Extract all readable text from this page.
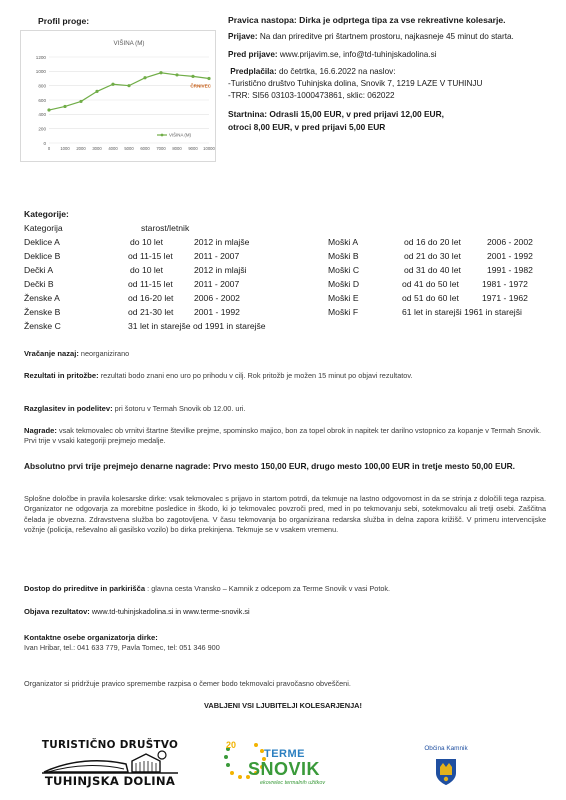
Profil proge:
VIŠINA (M)
0
200
400
600
800
1000
1200
0 1000 2000 3000 4000 5000 6000 7000 8000 9000 10000
ČRNIVEC
VIŠINA (M)
Pravica nastopa: Dirka je odprtega tipa za vse rekreativne kolesarje.
Prijave: Na dan prireditve pri štartnem prostoru, najkasneje 45 minut do starta.
Pred prijave: www.prijavim.se, info@td-tuhinjskadolina.si
Predplačila: do četrtka, 16.6.2022 na naslov:
-Turistično društvo Tuhinjska dolina, Snovik 7, 1219 LAZE V TUHINJU
-TRR: SI56 03103-1000473861, sklic: 062022
Startnina: Odrasli 15,00 EUR, v pred prijavi 12,00 EUR,
otroci 8,00 EUR, v pred prijavi 5,00 EUR
Kategorije:
Kategorija	starost/letnik
Deklice A	do 10 let	2012 in mlajše
Deklice B	od 11-15 let 2011 - 2007
Dečki A	do 10 let	2012 in mlajši
Dečki B	od 11-15 let 2011 - 2007
Ženske A	od 16-20 let 2006 - 2002
Ženske B	od 21-30 let 2001 - 1992
Ženske C	31 let in starejše od 1991 in starejše
Moški A	od 16 do 20 let	2006 - 2002
Moški B	od 21 do 30 let	2001 - 1992
Moški C	od 31 do 40 let	1991 - 1982
Moški D	od 41 do 50 let	1981 - 1972
Moški E	od 51 do 60 let	1971 - 1962
Moški F	61 let in starejši 1961 in starejši
Vračanje nazaj: neorganizirano
Rezultati in pritožbe: rezultati bodo znani eno uro po prihodu v cilj. Rok pritožb je možen 15 minut po objavi rezultatov.
Razglasitev in podelitev: pri šotoru v Termah Snovik ob 12.00. uri.
Nagrade: vsak tekmovalec ob vrnitvi štartne številke prejme, spominsko majico, bon za topel obrok in napitek ter darilno vstopnico za kopanje v Termah Snovik. Prvi trije v vsaki kategoriji prejmejo medalje.
Absolutno prvi trije prejmejo denarne nagrade: Prvo mesto 150,00 EUR, drugo mesto 100,00 EUR in tretje mesto 50,00 EUR.
Splošne določbe in pravila kolesarske dirke: vsak tekmovalec s prijavo in startom potrdi, da tekmuje na lastno odgovornost in da se strinja z določili tega razpisa. Organizator ne odgovarja za morebitne posledice in škodo, ki jo tekmovalec povzroči pred, med in po tekmovanju sebi, sotekmovalcu ali tretji osebi. Zaščitna čelada je obvezna. Zdravstvena služba bo zagotovljena. V času tekmovanja bo organizirana redarska služba in delna zapora križišč. V primeru intervencijske vožnje (policija, reševalno ali gasilsko vozilo) bo dirka prekinjena. Tekmuje se v vsakem vremenu.
Dostop do prireditve in parkirišča : glavna cesta Vransko – Kamnik z odcepom za Terme Snovik v vasi Potok.
Objava rezultatov: www.td-tuhinjskadolina.si in www.terme-snovik.si
Kontaktne osebe organizatorja dirke:
Ivan Hribar, tel.: 041 633 779, Pavla Tomec, tel: 051 346 900
Organizator si pridržuje pravico spremembe razpisa o čemer bodo tekmovalci pravočasno obveščeni.
VABLJENI VSI LJUBITELJI KOLESARJENJA!
TURISTIČNO DRUŠTVO
TUHINJSKA DOLINA
20
TERME
SNOVIK
ekovrelec termalnih užitkov
Občina Kamnik
